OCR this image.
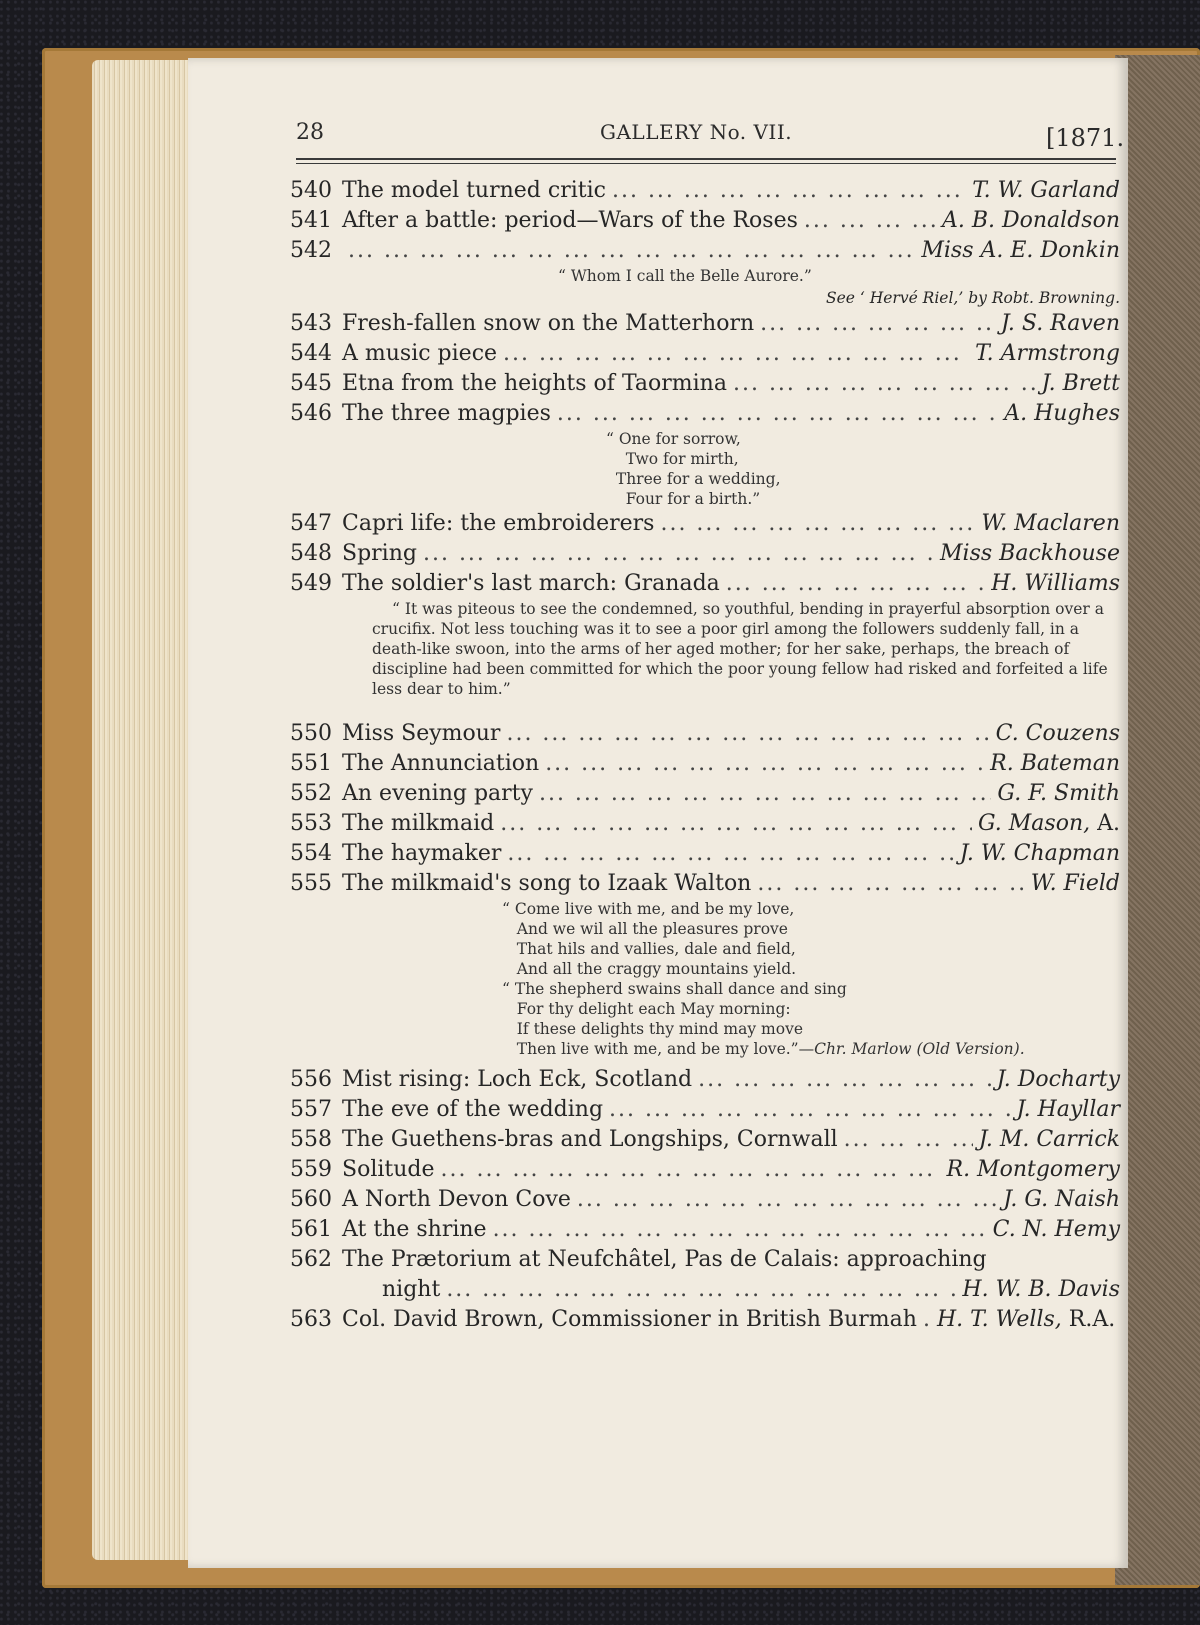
28	GALLERY No. VII.	[1871.
540 The model turned critic ... .	T. W. Garland
541 After a battle: period—Wars of the Roses ... .	A. B. Donaldson
542 ... .	Miss A. E. Donkin
“ Whom I call the Belle Aurore.”
See ‘ Hervé Riel,’ by Robt. Browning.
543 Fresh-fallen snow on the Matterhorn ... .	J. S. Raven
544 A music piece ... .	T. Armstrong
545 Etna from the heights of Taormina ... .	J. Brett
546 The three magpies ... .	A. Hughes
“ One for sorrow,
Two for mirth,
Three for a wedding,
Four for a birth.”
547 Capri life: the embroiderers ... .	W. Maclaren
548 Spring ... .	Miss Backhouse
549 The soldier's last march: Granada ... .	H. Williams
“ It was piteous to see the condemned, so youthful, bending in prayerful absorption over a crucifix. Not less touching was it to see a poor girl among the followers suddenly fall, in a death-like swoon, into the arms of her aged mother; for her sake, perhaps, the breach of discipline had been committed for which the poor young fellow had risked and forfeited a life less dear to him.”
550 Miss Seymour ... .	C. Couzens
551 The Annunciation ... .	R. Bateman
552 An evening party ... .	G. F. Smith
553 The milkmaid ... .	G. Mason, A.
554 The haymaker ... .	J. W. Chapman
555 The milkmaid's song to Izaak Walton ... .	W. Field
“ Come live with me, and be my love,
And we wil all the pleasures prove
That hils and vallies, dale and field,
And all the craggy mountains yield.
“ The shepherd swains shall dance and sing
For thy delight each May morning:
If these delights thy mind may move
Then live with me, and be my love.”—Chr. Marlow (Old Version).
556 Mist rising: Loch Eck, Scotland ... .	J. Docharty
557 The eve of the wedding ... .	J. Hayllar
558 The Guethens-bras and Longships, Cornwall ... .	J. M. Carrick
559 Solitude ... .	R. Montgomery
560 A North Devon Cove ... .	J. G. Naish
561 At the shrine ... .	C. N. Hemy
562 The Prætorium at Neufchâtel, Pas de Calais: approaching
night ... .	H. W. B. Davis
563 Col. David Brown, Commissioner in British Burmah ... . H. T. Wells, R.A.
